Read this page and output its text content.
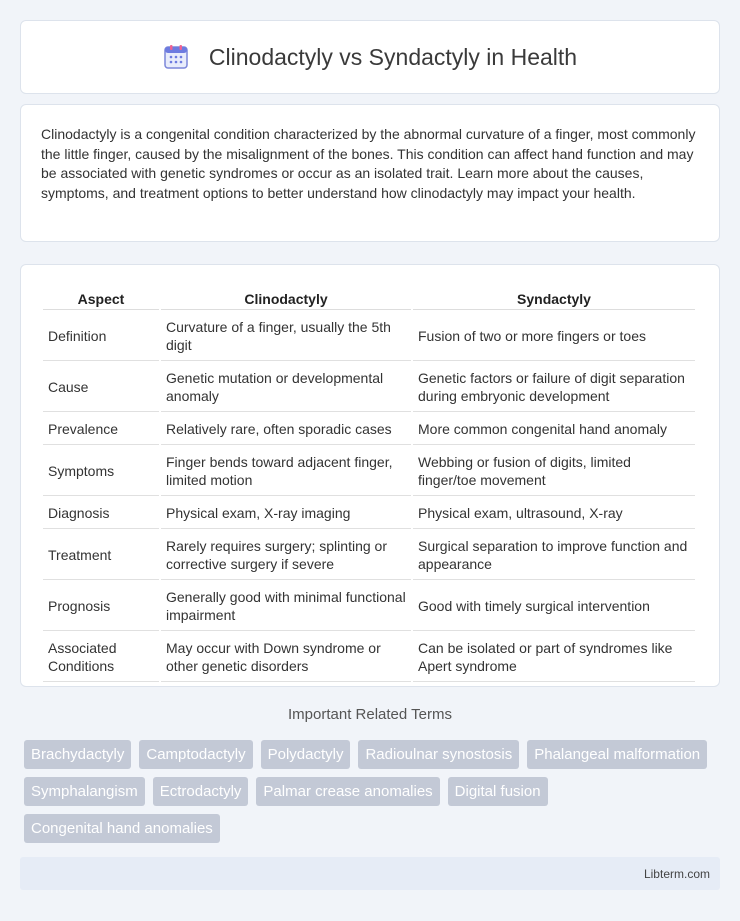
Clinodactyly vs Syndactyly in Health

Clinodactyly is a congenital condition characterized by the abnormal curvature of a finger, most commonly the little finger, caused by the misalignment of the bones. This condition can affect hand function and may be associated with genetic syndromes or occur as an isolated trait. Learn more about the causes, symptoms, and treatment options to better understand how clinodactyly may impact your health.

Aspect	Clinodactyly	Syndactyly
Definition	Curvature of a finger, usually the 5th digit	Fusion of two or more fingers or toes
Cause	Genetic mutation or developmental anomaly	Genetic factors or failure of digit separation during embryonic development
Prevalence	Relatively rare, often sporadic cases	More common congenital hand anomaly
Symptoms	Finger bends toward adjacent finger, limited motion	Webbing or fusion of digits, limited finger/toe movement
Diagnosis	Physical exam, X-ray imaging	Physical exam, ultrasound, X-ray
Treatment	Rarely requires surgery; splinting or corrective surgery if severe	Surgical separation to improve function and appearance
Prognosis	Generally good with minimal functional impairment	Good with timely surgical intervention
Associated Conditions	May occur with Down syndrome or other genetic disorders	Can be isolated or part of syndromes like Apert syndrome
Important Related Terms
Brachydactyly	Camptodactyly	Polydactyly	Radioulnar synostosis	Phalangeal malformation
Symphalangism	Ectrodactyly	Palmar crease anomalies	Digital fusion
Congenital hand anomalies
Libterm.com
